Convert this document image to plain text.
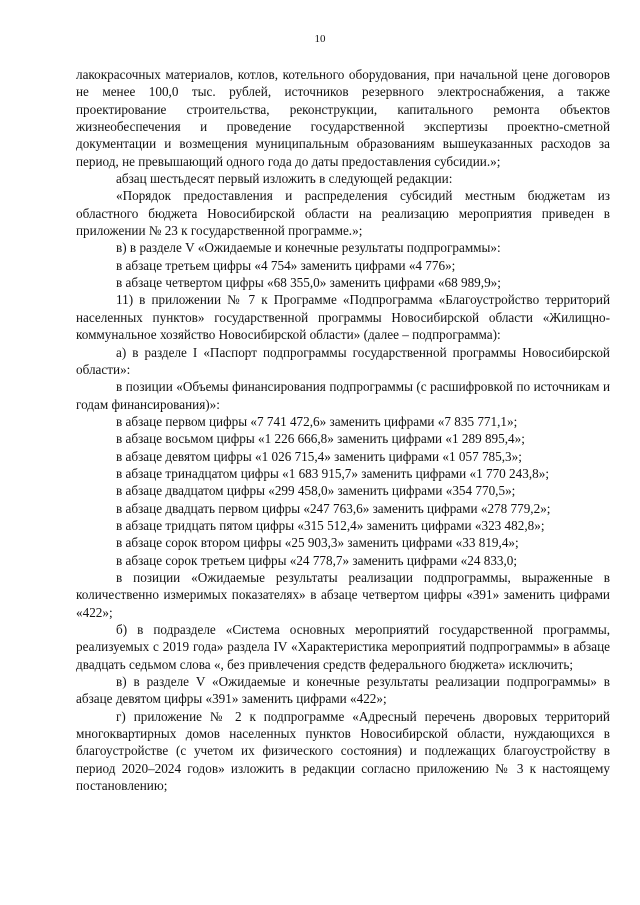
10

лакокрасочных материалов, котлов, котельного оборудования, при начальной цене договоров не менее 100,0 тыс. рублей, источников резервного электроснабжения, а также проектирование строительства, реконструкции, капитального ремонта объектов жизнеобеспечения и проведение государственной экспертизы проектно-сметной документации и возмещения муниципальным образованиям вышеуказанных расходов за период, не превышающий одного года до даты предоставления субсидии.»;

абзац шестьдесят первый изложить в следующей редакции:

«Порядок предоставления и распределения субсидий местным бюджетам из областного бюджета Новосибирской области на реализацию мероприятия приведен в приложении № 23 к государственной программе.»;

в) в разделе V «Ожидаемые и конечные результаты подпрограммы»:

в абзаце третьем цифры «4 754» заменить цифрами «4 776»;

в абзаце четвертом цифры «68 355,0» заменить цифрами «68 989,9»;

11) в приложении № 7 к Программе «Подпрограмма «Благоустройство территорий населенных пунктов» государственной программы Новосибирской области «Жилищно-коммунальное хозяйство Новосибирской области» (далее – подпрограмма):

а) в разделе I «Паспорт подпрограммы государственной программы Новосибирской области»:

в позиции «Объемы финансирования подпрограммы (с расшифровкой по источникам и годам финансирования)»:

в абзаце первом цифры «7 741 472,6» заменить цифрами «7 835 771,1»;

в абзаце восьмом цифры «1 226 666,8» заменить цифрами «1 289 895,4»;

в абзаце девятом цифры «1 026 715,4» заменить цифрами «1 057 785,3»;

в абзаце тринадцатом цифры «1 683 915,7» заменить цифрами «1 770 243,8»;

в абзаце двадцатом цифры «299 458,0» заменить цифрами «354 770,5»;

в абзаце двадцать первом цифры «247 763,6» заменить цифрами «278 779,2»;

в абзаце тридцать пятом цифры «315 512,4» заменить цифрами «323 482,8»;

в абзаце сорок втором цифры «25 903,3» заменить цифрами «33 819,4»;

в абзаце сорок третьем цифры «24 778,7» заменить цифрами «24 833,0;

в позиции «Ожидаемые результаты реализации подпрограммы, выраженные в количественно измеримых показателях» в абзаце четвертом цифры «391» заменить цифрами «422»;

б) в подразделе «Система основных мероприятий государственной программы, реализуемых с 2019 года» раздела IV «Характеристика мероприятий подпрограммы» в абзаце двадцать седьмом слова «, без привлечения средств федерального бюджета» исключить;

в) в разделе V «Ожидаемые и конечные результаты реализации подпрограммы» в абзаце девятом цифры «391» заменить цифрами «422»;

г) приложение № 2 к подпрограмме «Адресный перечень дворовых территорий многоквартирных домов населенных пунктов Новосибирской области, нуждающихся в благоустройстве (с учетом их физического состояния) и подлежащих благоустройству в период 2020–2024 годов» изложить в редакции согласно приложению № 3 к настоящему постановлению;
